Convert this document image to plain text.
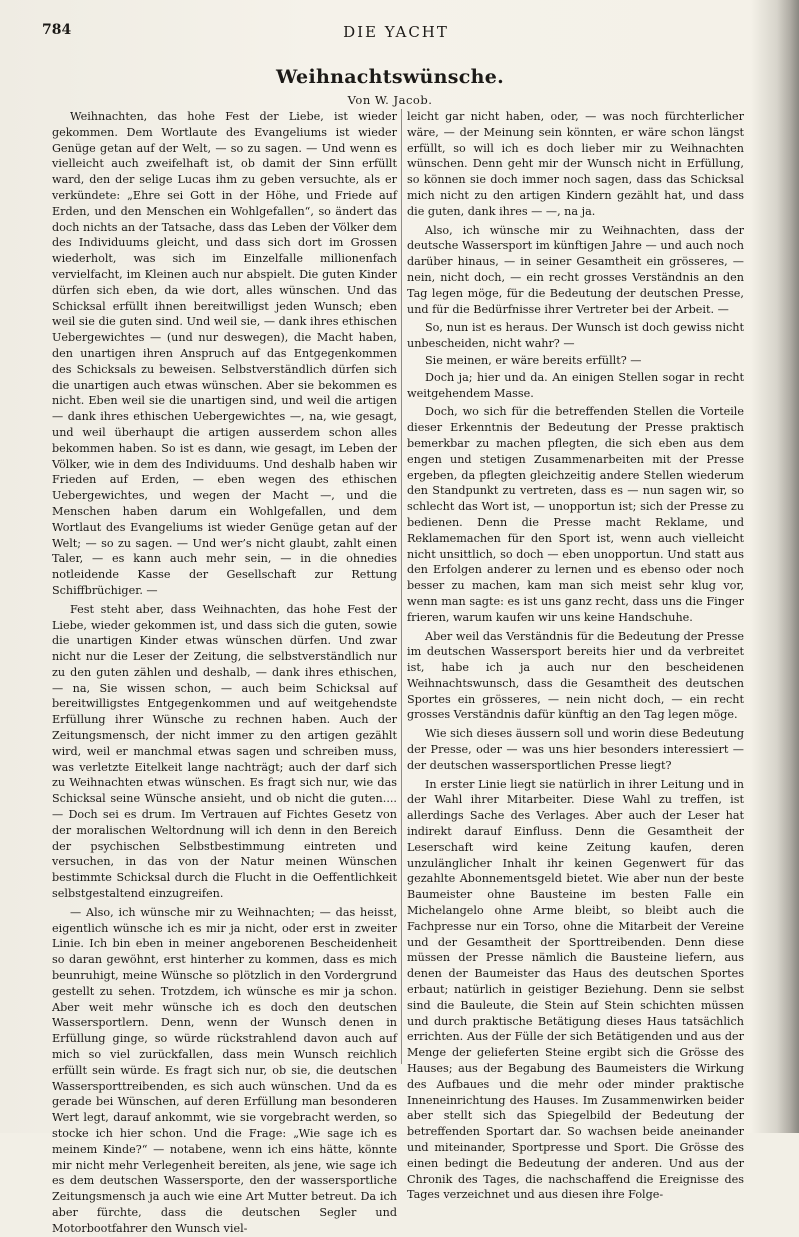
784	DIE YACHT
Weihnachtswünsche.
Von W. Jacob.

Weihnachten, das hohe Fest der Liebe, ist wieder gekommen. Dem Wortlaute des Evangeliums ist wieder Genüge getan auf der Welt, — so zu sagen. — Und wenn es vielleicht auch zweifelhaft ist, ob damit der Sinn erfüllt ward, den der selige Lucas ihm zu geben versuchte, als er verkündete: „Ehre sei Gott in der Höhe, und Friede auf Erden, und den Menschen ein Wohlgefallen“, so ändert das doch nichts an der Tatsache, dass das Leben der Völker dem des Individuums gleicht, und dass sich dort im Grossen wiederholt, was sich im Einzelfalle millionenfach vervielfacht, im Kleinen auch nur abspielt. Die guten Kinder dürfen sich eben, da wie dort, alles wünschen. Und das Schicksal erfüllt ihnen bereitwilligst jeden Wunsch; eben weil sie die guten sind. Und weil sie, — dank ihres ethischen Uebergewichtes — (und nur deswegen), die Macht haben, den unartigen ihren Anspruch auf das Entgegenkommen des Schicksals zu beweisen. Selbstverständlich dürfen sich die unartigen auch etwas wünschen. Aber sie bekommen es nicht. Eben weil sie die unartigen sind, und weil die artigen — dank ihres ethischen Uebergewichtes —, na, wie gesagt, und weil überhaupt die artigen ausserdem schon alles bekommen haben. So ist es dann, wie gesagt, im Leben der Völker, wie in dem des Individuums. Und deshalb haben wir Frieden auf Erden, — eben wegen des ethischen Uebergewichtes, und wegen der Macht —, und die Menschen haben darum ein Wohlgefallen, und dem Wortlaut des Evangeliums ist wieder Genüge getan auf der Welt; — so zu sagen. — Und wer’s nicht glaubt, zahlt einen Taler, — es kann auch mehr sein, — in die ohnedies notleidende Kasse der Gesellschaft zur Rettung Schiffbrüchiger. —

Fest steht aber, dass Weihnachten, das hohe Fest der Liebe, wieder gekommen ist, und dass sich die guten, sowie die unartigen Kinder etwas wünschen dürfen. Und zwar nicht nur die Leser der Zeitung, die selbstverständlich nur zu den guten zählen und deshalb, — dank ihres ethischen, — na, Sie wissen schon, — auch beim Schicksal auf bereitwilligstes Entgegenkommen und auf weitgehendste Erfüllung ihrer Wünsche zu rechnen haben. Auch der Zeitungsmensch, der nicht immer zu den artigen gezählt wird, weil er manchmal etwas sagen und schreiben muss, was verletzte Eitelkeit lange nachträgt; auch der darf sich zu Weihnachten etwas wünschen. Es fragt sich nur, wie das Schicksal seine Wünsche ansieht, und ob nicht die guten.... — Doch sei es drum. Im Vertrauen auf Fichtes Gesetz von der moralischen Weltordnung will ich denn in den Bereich der psychischen Selbstbestimmung eintreten und versuchen, in das von der Natur meinen Wünschen bestimmte Schicksal durch die Flucht in die Oeffentlichkeit selbstgestaltend einzugreifen.

— Also, ich wünsche mir zu Weihnachten; — das heisst, eigentlich wünsche ich es mir ja nicht, oder erst in zweiter Linie. Ich bin eben in meiner angeborenen Bescheidenheit so daran gewöhnt, erst hinterher zu kommen, dass es mich beunruhigt, meine Wünsche so plötzlich in den Vordergrund gestellt zu sehen. Trotzdem, ich wünsche es mir ja schon. Aber weit mehr wünsche ich es doch den deutschen Wassersportlern. Denn, wenn der Wunsch denen in Erfüllung ginge, so würde rückstrahlend davon auch auf mich so viel zurückfallen, dass mein Wunsch reichlich erfüllt sein würde. Es fragt sich nur, ob sie, die deutschen Wassersporttreibenden, es sich auch wünschen. Und da es gerade bei Wünschen, auf deren Erfüllung man besonderen Wert legt, darauf ankommt, wie sie vorgebracht werden, so stocke ich hier schon. Und die Frage: „Wie sage ich es meinem Kinde?“ — notabene, wenn ich eins hätte, könnte mir nicht mehr Verlegenheit bereiten, als jene, wie sage ich es dem deutschen Wassersporte, den der wassersportliche Zeitungsmensch ja auch wie eine Art Mutter betreut. Da ich aber fürchte, dass die deutschen Segler und Motorbootfahrer den Wunsch viel-

leicht gar nicht haben, oder, — was noch fürchterlicher wäre, — der Meinung sein könnten, er wäre schon längst erfüllt, so will ich es doch lieber mir zu Weihnachten wünschen. Denn geht mir der Wunsch nicht in Erfüllung, so können sie doch immer noch sagen, dass das Schicksal mich nicht zu den artigen Kindern gezählt hat, und dass die guten, dank ihres — —, na ja.

Also, ich wünsche mir zu Weihnachten, dass der deutsche Wassersport im künftigen Jahre — und auch noch darüber hinaus, — in seiner Gesamtheit ein grösseres, — nein, nicht doch, — ein recht grosses Verständnis an den Tag legen möge, für die Bedeutung der deutschen Presse, und für die Bedürfnisse ihrer Vertreter bei der Arbeit. —

So, nun ist es heraus. Der Wunsch ist doch gewiss nicht unbescheiden, nicht wahr? —

Sie meinen, er wäre bereits erfüllt? —

Doch ja; hier und da. An einigen Stellen sogar in recht weitgehendem Masse.

Doch, wo sich für die betreffenden Stellen die Vorteile dieser Erkenntnis der Bedeutung der Presse praktisch bemerkbar zu machen pflegten, die sich eben aus dem engen und stetigen Zusammenarbeiten mit der Presse ergeben, da pflegten gleichzeitig andere Stellen wiederum den Standpunkt zu vertreten, dass es — nun sagen wir, so schlecht das Wort ist, — unopportun ist; sich der Presse zu bedienen. Denn die Presse macht Reklame, und Reklamemachen für den Sport ist, wenn auch vielleicht nicht unsittlich, so doch — eben unopportun. Und statt aus den Erfolgen anderer zu lernen und es ebenso oder noch besser zu machen, kam man sich meist sehr klug vor, wenn man sagte: es ist uns ganz recht, dass uns die Finger frieren, warum kaufen wir uns keine Handschuhe.

Aber weil das Verständnis für die Bedeutung der Presse im deutschen Wassersport bereits hier und da verbreitet ist, habe ich ja auch nur den bescheidenen Weihnachtswunsch, dass die Gesamtheit des deutschen Sportes ein grösseres, — nein nicht doch, — ein recht grosses Verständnis dafür künftig an den Tag legen möge.

Wie sich dieses äussern soll und worin diese Bedeutung der Presse, oder — was uns hier besonders interessiert — der deutschen wassersportlichen Presse liegt?

In erster Linie liegt sie natürlich in ihrer Leitung und in der Wahl ihrer Mitarbeiter. Diese Wahl zu treffen, ist allerdings Sache des Verlages. Aber auch der Leser hat indirekt darauf Einfluss. Denn die Gesamtheit der Leserschaft wird keine Zeitung kaufen, deren unzulänglicher Inhalt ihr keinen Gegenwert für das gezahlte Abonnementsgeld bietet. Wie aber nun der beste Baumeister ohne Bausteine im besten Falle ein Michelangelo ohne Arme bleibt, so bleibt auch die Fachpresse nur ein Torso, ohne die Mitarbeit der Vereine und der Gesamtheit der Sporttreibenden. Denn diese müssen der Presse nämlich die Bausteine liefern, aus denen der Baumeister das Haus des deutschen Sportes erbaut; natürlich in geistiger Beziehung. Denn sie selbst sind die Bauleute, die Stein auf Stein schichten müssen und durch praktische Betätigung dieses Haus tatsächlich errichten. Aus der Fülle der sich Betätigenden und aus der Menge der gelieferten Steine ergibt sich die Grösse des Hauses; aus der Begabung des Baumeisters die Wirkung des Aufbaues und die mehr oder minder praktische Inneneinrichtung des Hauses. Im Zusammenwirken beider aber stellt sich das Spiegelbild der Bedeutung der betreffenden Sportart dar. So wachsen beide aneinander und miteinander, Sportpresse und Sport. Die Grösse des einen bedingt die Bedeutung der anderen. Und aus der Chronik des Tages, die nachschaffend die Ereignisse des Tages verzeichnet und aus diesen ihre Folge-
